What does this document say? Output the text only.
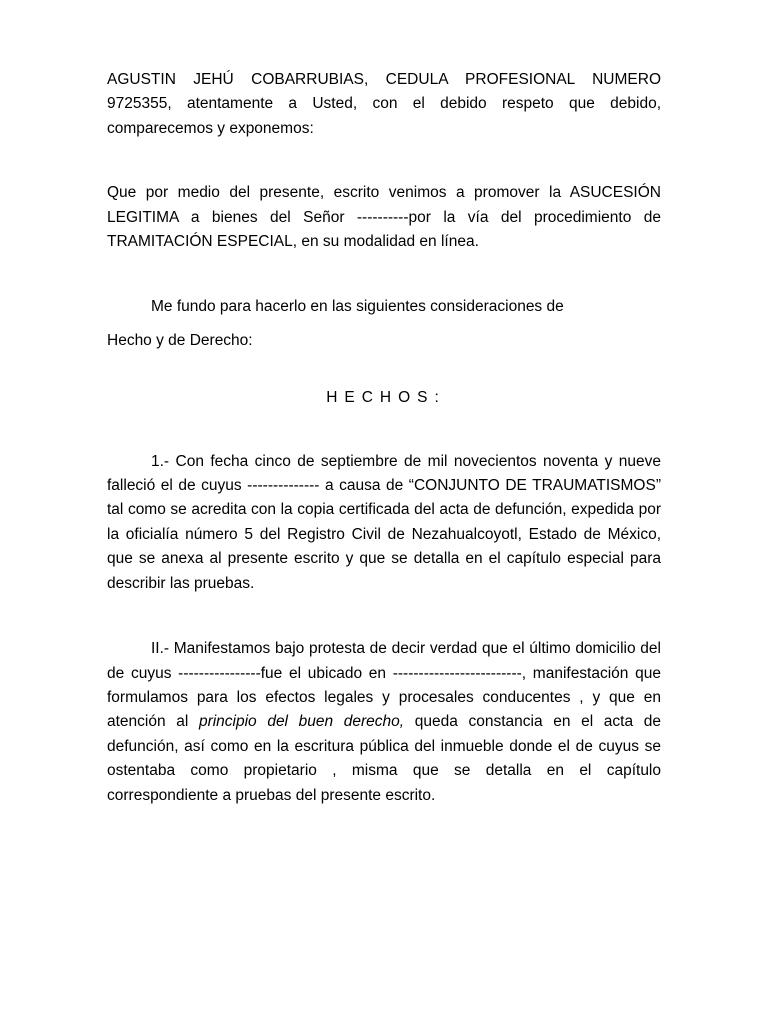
AGUSTIN JEHÚ COBARRUBIAS, CEDULA PROFESIONAL NUMERO 9725355, atentamente a Usted, con el debido respeto que debido, comparecemos y exponemos:

Que por medio del presente, escrito venimos a promover la ASUCESIÓN LEGITIMA a bienes del Señor ----------por la vía del procedimiento de TRAMITACIÓN ESPECIAL, en su modalidad en línea.

Me fundo para hacerlo en las siguientes consideraciones de

Hecho y de Derecho:

HECHOS:

1.- Con fecha cinco de septiembre de mil novecientos noventa y nueve falleció el de cuyus -------------- a causa de “CONJUNTO DE TRAUMATISMOS” tal como se acredita con la copia certificada del acta de defunción, expedida por la oficialía número 5 del Registro Civil de Nezahualcoyotl, Estado de México, que se anexa al presente escrito y que se detalla en el capítulo especial para describir las pruebas.

II.- Manifestamos bajo protesta de decir verdad que el último domicilio del de cuyus ----------------fue el ubicado en -------------------------, manifestación que formulamos para los efectos legales y procesales conducentes , y que en atención al principio del buen derecho, queda constancia en el acta de defunción, así como en la escritura pública del inmueble donde el de cuyus se ostentaba como propietario , misma que se detalla en el capítulo correspondiente a pruebas del presente escrito.
